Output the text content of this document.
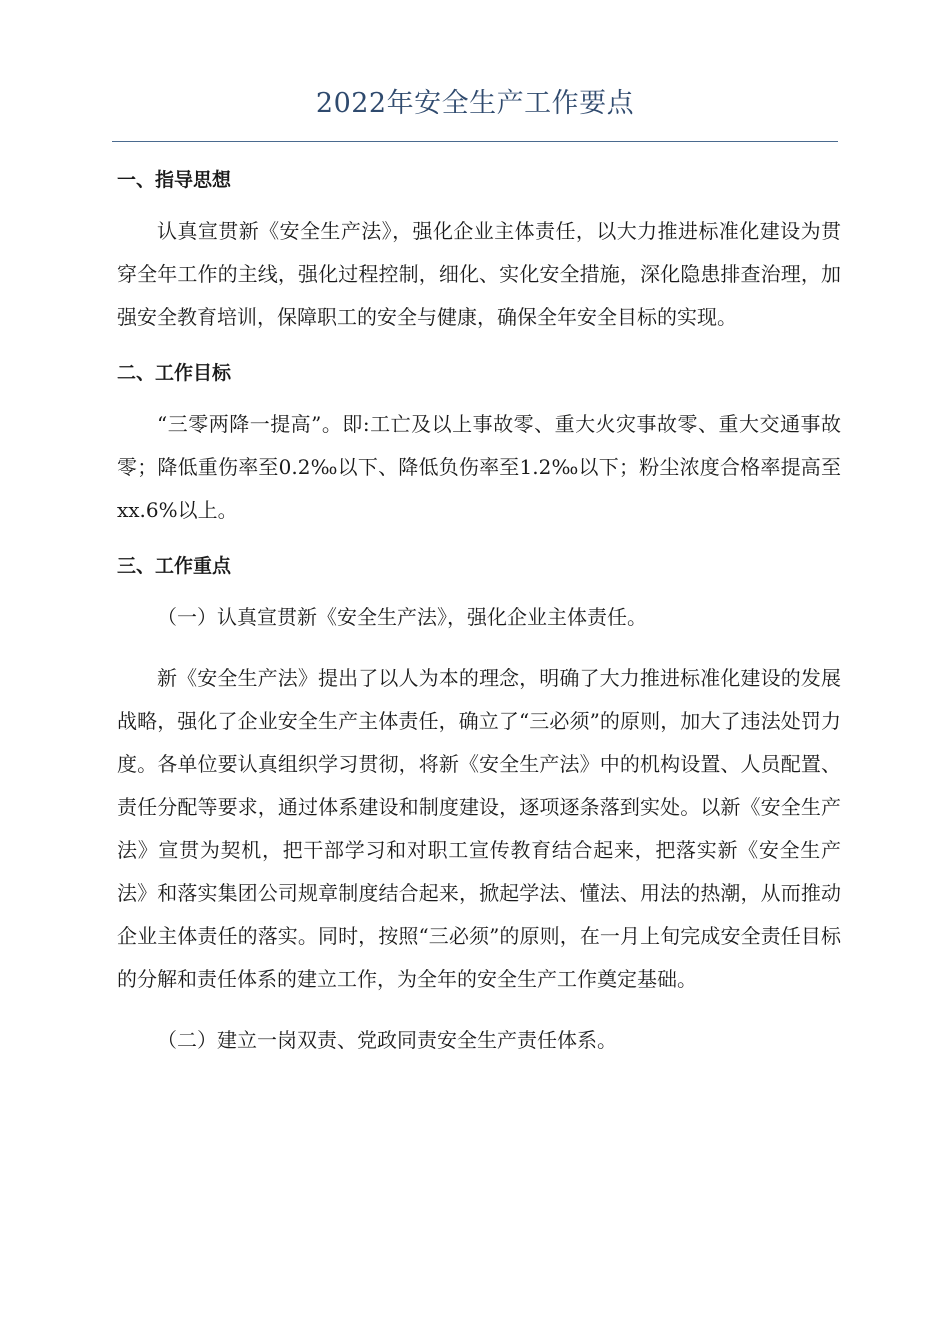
2022年安全生产工作要点

一、指导思想

认真宣贯新《安全生产法》，强化企业主体责任，以大力推进标准化建设为贯穿全年工作的主线，强化过程控制，细化、实化安全措施，深化隐患排查治理，加强安全教育培训，保障职工的安全与健康，确保全年安全目标的实现。

二、工作目标

“三零两降一提高”。即:工亡及以上事故零、重大火灾事故零、重大交通事故零；降低重伤率至0.2‰以下、降低负伤率至1.2‰以下；粉尘浓度合格率提高至xx.6%以上。

三、工作重点

（一）认真宣贯新《安全生产法》，强化企业主体责任。

新《安全生产法》提出了以人为本的理念，明确了大力推进标准化建设的发展战略，强化了企业安全生产主体责任，确立了“三必须”的原则，加大了违法处罚力度。各单位要认真组织学习贯彻，将新《安全生产法》中的机构设置、人员配置、责任分配等要求，通过体系建设和制度建设，逐项逐条落到实处。以新《安全生产法》宣贯为契机，把干部学习和对职工宣传教育结合起来，把落实新《安全生产法》和落实集团公司规章制度结合起来，掀起学法、懂法、用法的热潮，从而推动企业主体责任的落实。同时，按照“三必须”的原则，在一月上旬完成安全责任目标的分解和责任体系的建立工作，为全年的安全生产工作奠定基础。

（二）建立一岗双责、党政同责安全生产责任体系。
